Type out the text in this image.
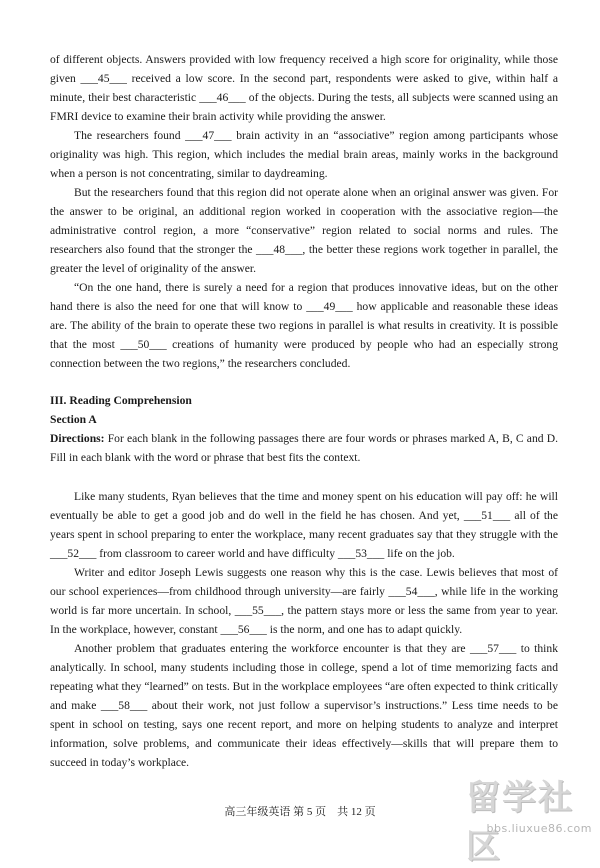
of different objects. Answers provided with low frequency received a high score for originality, while those given ___45___ received a low score. In the second part, respondents were asked to give, within half a minute, their best characteristic ___46___ of the objects. During the tests, all subjects were scanned using an FMRI device to examine their brain activity while providing the answer.

The researchers found ___47___ brain activity in an “associative” region among participants whose originality was high. This region, which includes the medial brain areas, mainly works in the background when a person is not concentrating, similar to daydreaming.

But the researchers found that this region did not operate alone when an original answer was given. For the answer to be original, an additional region worked in cooperation with the associative region—the administrative control region, a more “conservative” region related to social norms and rules. The researchers also found that the stronger the ___48___, the better these regions work together in parallel, the greater the level of originality of the answer.

“On the one hand, there is surely a need for a region that produces innovative ideas, but on the other hand there is also the need for one that will know to ___49___ how applicable and reasonable these ideas are. The ability of the brain to operate these two regions in parallel is what results in creativity. It is possible that the most ___50___ creations of humanity were produced by people who had an especially strong connection between the two regions,” the researchers concluded.

III. Reading Comprehension

Section A

Directions: For each blank in the following passages there are four words or phrases marked A, B, C and D. Fill in each blank with the word or phrase that best fits the context.

Like many students, Ryan believes that the time and money spent on his education will pay off: he will eventually be able to get a good job and do well in the field he has chosen. And yet, ___51___ all of the years spent in school preparing to enter the workplace, many recent graduates say that they struggle with the ___52___ from classroom to career world and have difficulty ___53___ life on the job.

Writer and editor Joseph Lewis suggests one reason why this is the case. Lewis believes that most of our school experiences—from childhood through university—are fairly ___54___, while life in the working world is far more uncertain. In school, ___55___, the pattern stays more or less the same from year to year. In the workplace, however, constant ___56___ is the norm, and one has to adapt quickly.

Another problem that graduates entering the workforce encounter is that they are ___57___ to think analytically. In school, many students including those in college, spend a lot of time memorizing facts and repeating what they “learned” on tests. But in the workplace employees “are often expected to think critically and make ___58___ about their work, not just follow a supervisor’s instructions.” Less time needs to be spent in school on testing, says one recent report, and more on helping students to analyze and interpret information, solve problems, and communicate their ideas effectively—skills that will prepare them to succeed in today’s workplace.

高三年级英语 第 5 页　共 12 页	留学社区
bbs.liuxue86.com
